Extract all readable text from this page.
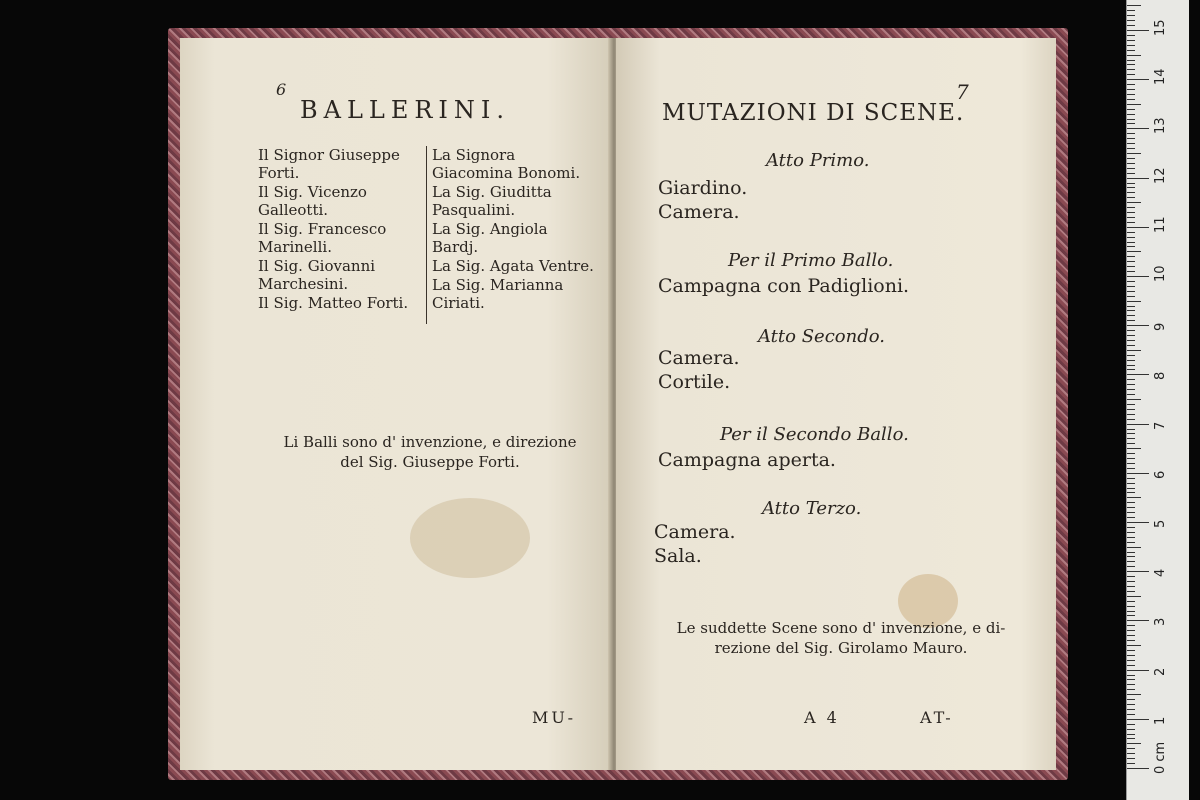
6
BALLERINI.
Il Signor Giuseppe Forti.
Il Sig. Vicenzo Galleotti.
Il Sig. Francesco Marinelli.
Il Sig. Giovanni Marchesini.
Il Sig. Matteo Forti.
La Signora Giacomina Bonomi.
La Sig. Giuditta Pasqualini.
La Sig. Angiola Bardj.
La Sig. Agata Ventre.
La Sig. Marianna Ciriati.
Li Balli sono d' invenzione, e direzione
del Sig. Giuseppe Forti.
MU-
7
MUTAZIONI DI SCENE.
Atto Primo.
Giardino.
Camera.
Per il Primo Ballo.
Campagna con Padiglioni.
Atto Secondo.
Camera.
Cortile.
Per il Secondo Ballo.
Campagna aperta.
Atto Terzo.
Camera.
Sala.
Le suddette Scene sono d' invenzione, e di-
rezione del Sig. Girolamo Mauro.
A 4	AT-
0 cm
1
2
3
4
5
6
7
8
9
10
11
12
13
14
15
